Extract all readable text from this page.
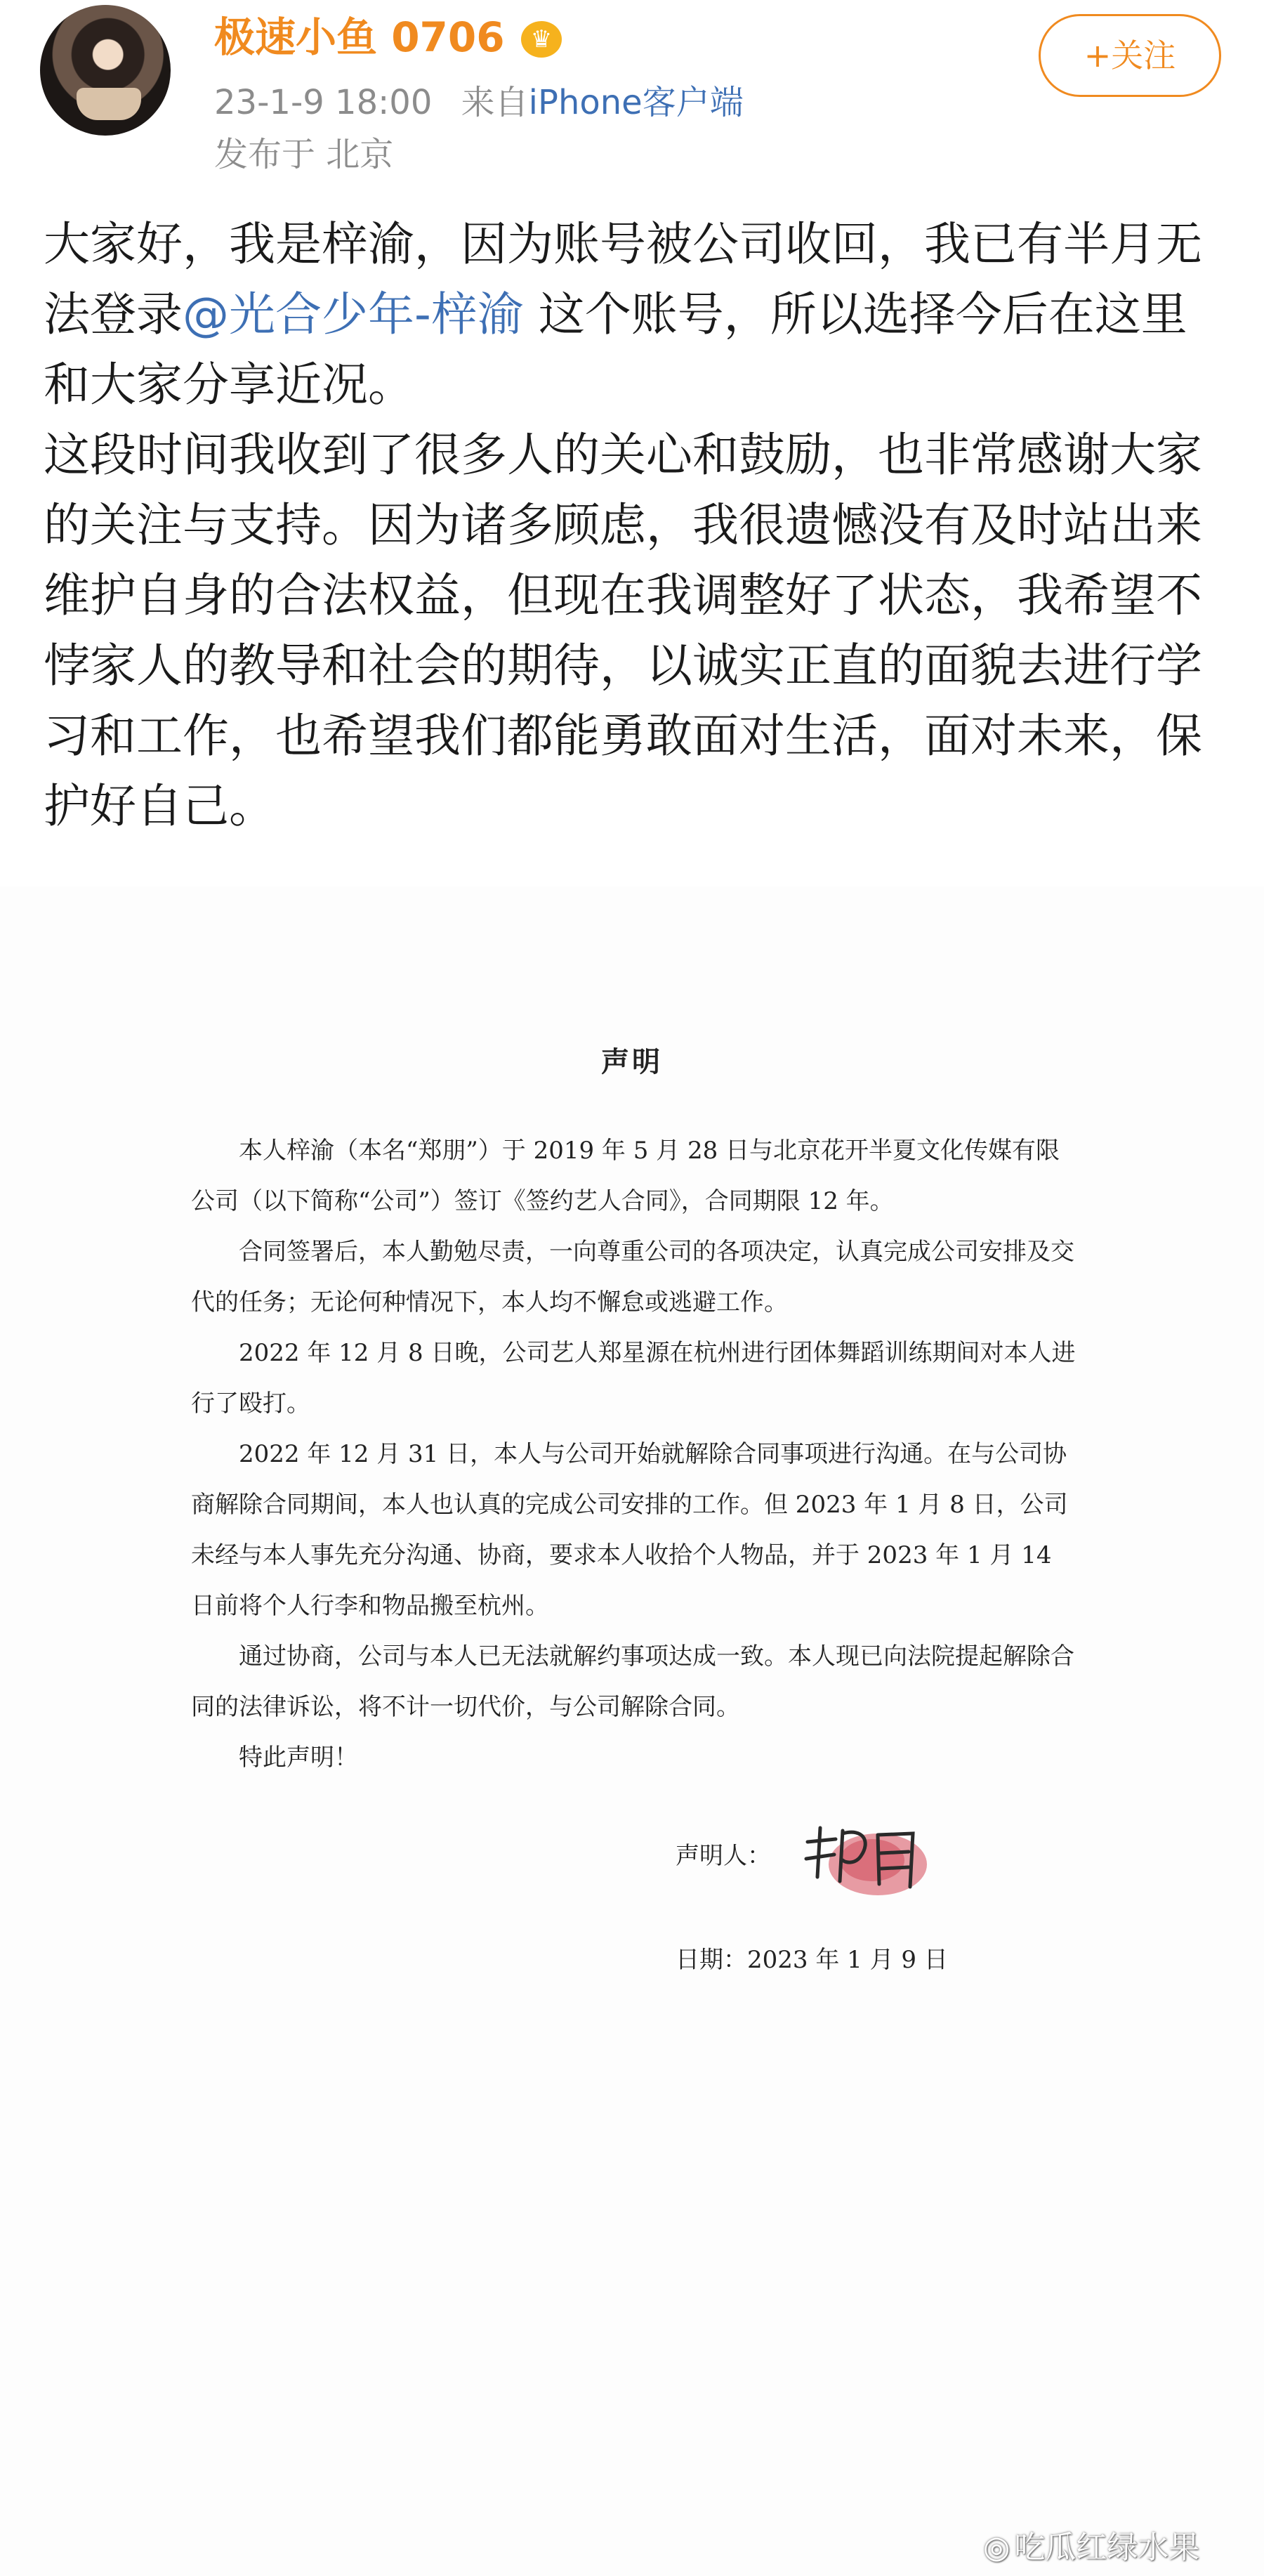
极速小鱼 0706	♛	+关注
23-1-9 18:00 来自iPhone客户端
发布于 北京

大家好，我是梓渝，因为账号被公司收回，我已有半月无法登录@光合少年-梓渝 这个账号，所以选择今后在这里和大家分享近况。

这段时间我收到了很多人的关心和鼓励，也非常感谢大家的关注与支持。因为诸多顾虑，我很遗憾没有及时站出来维护自身的合法权益，但现在我调整好了状态，我希望不悖家人的教导和社会的期待，以诚实正直的面貌去进行学习和工作，也希望我们都能勇敢面对生活，面对未来，保护好自己。

声明

本人梓渝（本名“郑朋”）于 2019 年 5 月 28 日与北京花开半夏文化传媒有限公司（以下简称“公司”）签订《签约艺人合同》，合同期限 12 年。

合同签署后，本人勤勉尽责，一向尊重公司的各项决定，认真完成公司安排及交代的任务；无论何种情况下，本人均不懈怠或逃避工作。

2022 年 12 月 8 日晚，公司艺人郑星源在杭州进行团体舞蹈训练期间对本人进行了殴打。

2022 年 12 月 31 日，本人与公司开始就解除合同事项进行沟通。在与公司协商解除合同期间，本人也认真的完成公司安排的工作。但 2023 年 1 月 8 日，公司未经与本人事先充分沟通、协商，要求本人收拾个人物品，并于 2023 年 1 月 14 日前将个人行李和物品搬至杭州。

通过协商，公司与本人已无法就解约事项达成一致。本人现已向法院提起解除合同的法律诉讼，将不计一切代价，与公司解除合同。

特此声明！

声明人：
日期：2023 年 1 月 9 日
◎ 吃瓜红绿水果
